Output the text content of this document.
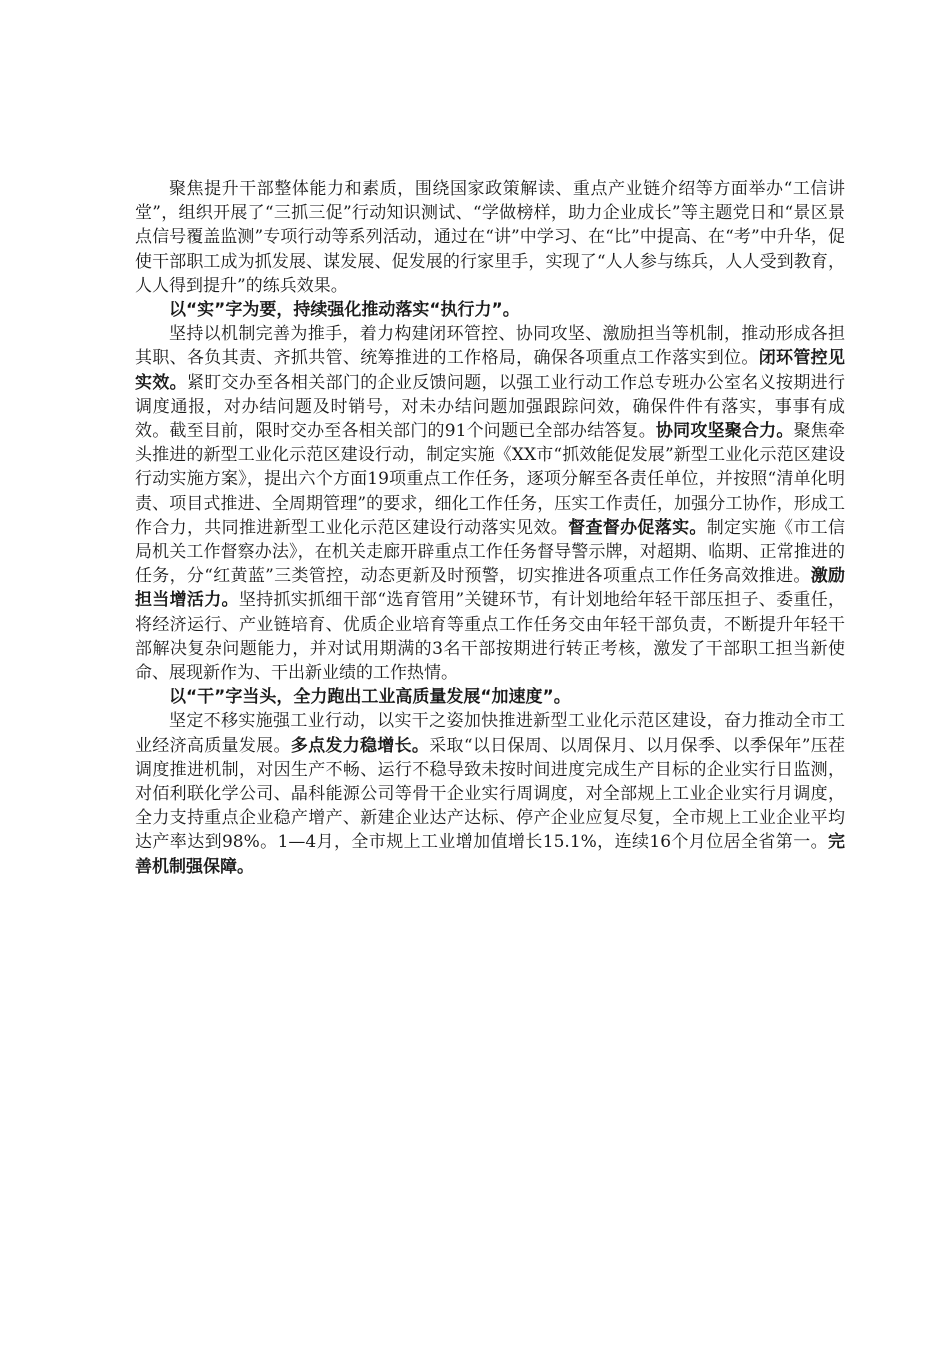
聚焦提升干部整体能力和素质，围绕国家政策解读、重点产业链介绍等方面举办“工信讲堂”，组织开展了“三抓三促”行动知识测试、“学做榜样，助力企业成长”等主题党日和“景区景点信号覆盖监测”专项行动等系列活动，通过在“讲”中学习、在“比”中提高、在“考”中升华，促使干部职工成为抓发展、谋发展、促发展的行家里手，实现了“人人参与练兵，人人受到教育，人人得到提升”的练兵效果。

以“实”字为要，持续强化推动落实“执行力”。

坚持以机制完善为推手，着力构建闭环管控、协同攻坚、激励担当等机制，推动形成各担其职、各负其责、齐抓共管、统筹推进的工作格局，确保各项重点工作落实到位。闭环管控见实效。紧盯交办至各相关部门的企业反馈问题，以强工业行动工作总专班办公室名义按期进行调度通报，对办结问题及时销号，对未办结问题加强跟踪问效，确保件件有落实，事事有成效。截至目前，限时交办至各相关部门的91个问题已全部办结答复。协同攻坚聚合力。聚焦牵头推进的新型工业化示范区建设行动，制定实施《XX市“抓效能促发展”新型工业化示范区建设行动实施方案》，提出六个方面19项重点工作任务，逐项分解至各责任单位，并按照“清单化明责、项目式推进、全周期管理”的要求，细化工作任务，压实工作责任，加强分工协作，形成工作合力，共同推进新型工业化示范区建设行动落实见效。督查督办促落实。制定实施《市工信局机关工作督察办法》，在机关走廊开辟重点工作任务督导警示牌，对超期、临期、正常推进的任务，分“红黄蓝”三类管控，动态更新及时预警，切实推进各项重点工作任务高效推进。激励担当增活力。坚持抓实抓细干部“选育管用”关键环节，有计划地给年轻干部压担子、委重任，将经济运行、产业链培育、优质企业培育等重点工作任务交由年轻干部负责，不断提升年轻干部解决复杂问题能力，并对试用期满的3名干部按期进行转正考核，激发了干部职工担当新使命、展现新作为、干出新业绩的工作热情。

以“干”字当头，全力跑出工业高质量发展“加速度”。

坚定不移实施强工业行动，以实干之姿加快推进新型工业化示范区建设，奋力推动全市工业经济高质量发展。多点发力稳增长。采取“以日保周、以周保月、以月保季、以季保年”压茬调度推进机制，对因生产不畅、运行不稳导致未按时间进度完成生产目标的企业实行日监测，对佰利联化学公司、晶科能源公司等骨干企业实行周调度，对全部规上工业企业实行月调度，全力支持重点企业稳产增产、新建企业达产达标、停产企业应复尽复，全市规上工业企业平均达产率达到98%。1—4月，全市规上工业增加值增长15.1%，连续16个月位居全省第一。完善机制强保障。
